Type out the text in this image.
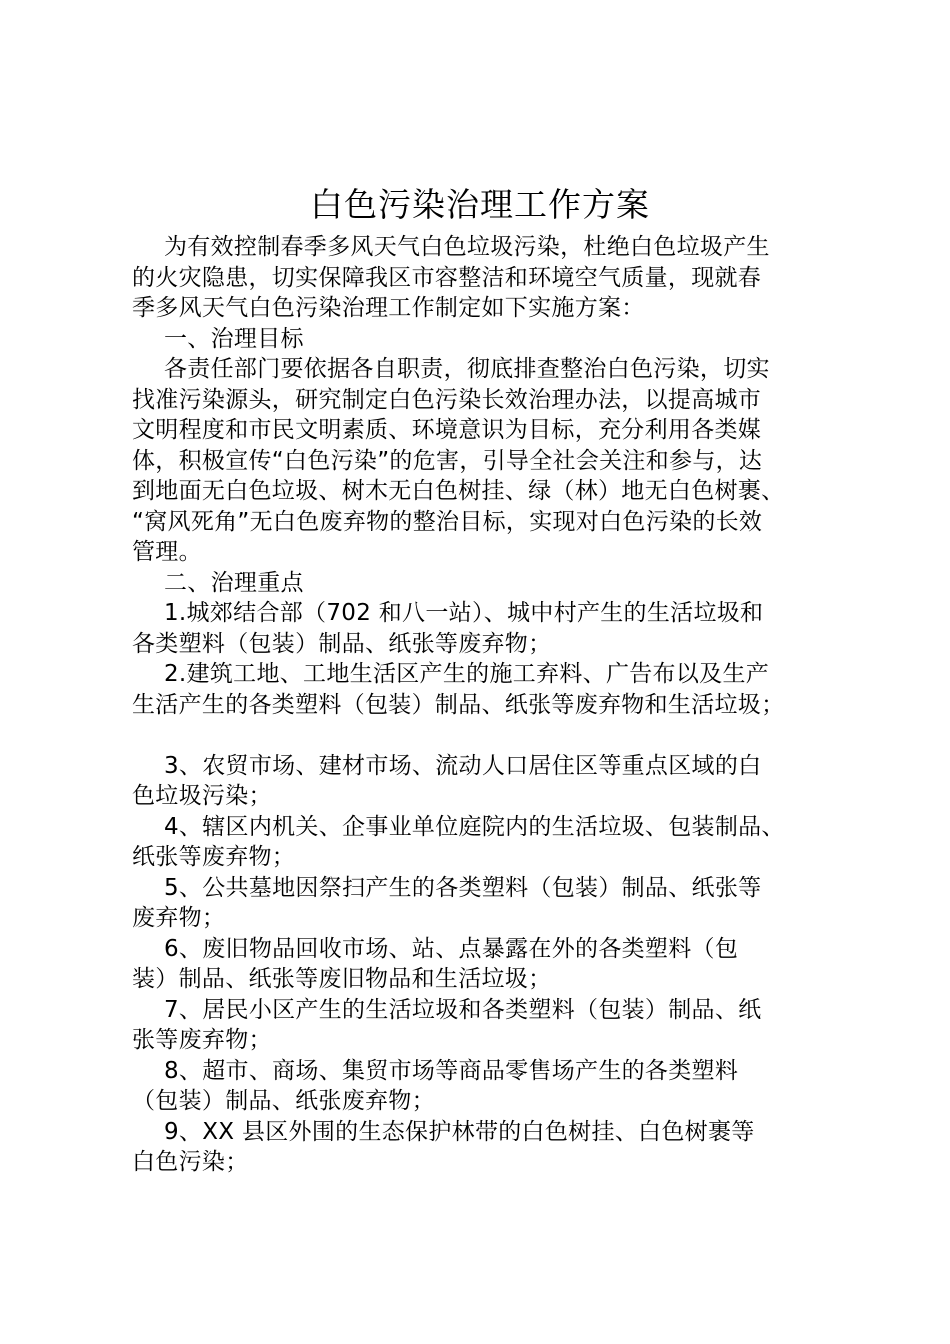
白色污染治理工作方案
为有效控制春季多风天气白色垃圾污染，杜绝白色垃圾产生
的火灾隐患，切实保障我区市容整洁和环境空气质量，现就春
季多风天气白色污染治理工作制定如下实施方案：
一、治理目标
各责任部门要依据各自职责，彻底排查整治白色污染，切实
找准污染源头，研究制定白色污染长效治理办法，以提高城市
文明程度和市民文明素质、环境意识为目标，充分利用各类媒
体，积极宣传“白色污染”的危害，引导全社会关注和参与，达
到地面无白色垃圾、树木无白色树挂、绿（林）地无白色树裹、
“窝风死角”无白色废弃物的整治目标，实现对白色污染的长效
管理。
二、治理重点
1.城郊结合部（702 和八一站）、城中村产生的生活垃圾和
各类塑料（包装）制品、纸张等废弃物；
2.建筑工地、工地生活区产生的施工弃料、广告布以及生产
生活产生的各类塑料（包装）制品、纸张等废弃物和生活垃圾；
3、农贸市场、建材市场、流动人口居住区等重点区域的白
色垃圾污染；
4、辖区内机关、企事业单位庭院内的生活垃圾、包装制品、
纸张等废弃物；
5、公共墓地因祭扫产生的各类塑料（包装）制品、纸张等
废弃物；
6、废旧物品回收市场、站、点暴露在外的各类塑料（包
装）制品、纸张等废旧物品和生活垃圾；
7、居民小区产生的生活垃圾和各类塑料（包装）制品、纸
张等废弃物；
8、超市、商场、集贸市场等商品零售场产生的各类塑料
（包装）制品、纸张废弃物；
9、XX 县区外围的生态保护林带的白色树挂、白色树裹等
白色污染；
